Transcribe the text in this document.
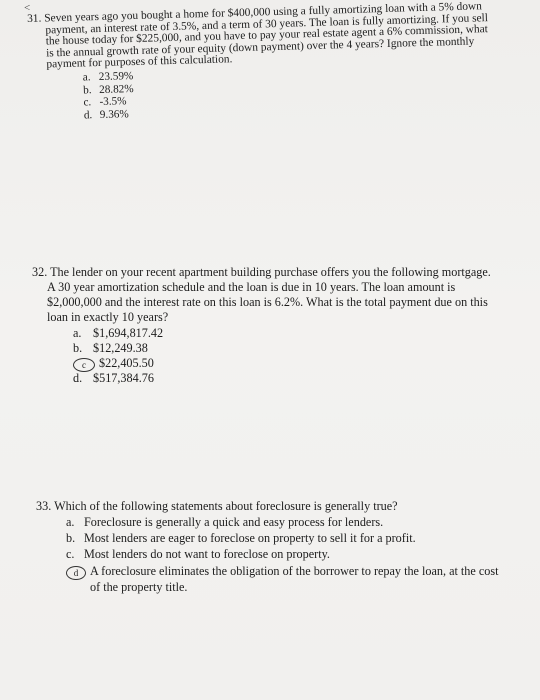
<
31. Seven years ago you bought a home for $400,000 using a fully amortizing loan with a 5% down payment, an interest rate of 3.5%, and a term of 30 years. The loan is fully amortizing. If you sell the house today for $225,000, and you have to pay your real estate agent a 6% commission, what is the annual growth rate of your equity (down payment) over the 4 years? Ignore the monthly payment for purposes of this calculation.
a. 23.59%
b. 28.82%
c. -3.5%
d. 9.36%
32. The lender on your recent apartment building purchase offers you the following mortgage. A 30 year amortization schedule and the loan is due in 10 years. The loan amount is $2,000,000 and the interest rate on this loan is 6.2%. What is the total payment due on this loan in exactly 10 years?
a. $1,694,817.42
b. $12,249.38
c	$22,405.50
d. $517,384.76
33. Which of the following statements about foreclosure is generally true?
a. Foreclosure is generally a quick and easy process for lenders.
b. Most lenders are eager to foreclose on property to sell it for a profit.
c. Most lenders do not want to foreclose on property.
d A foreclosure eliminates the obligation of the borrower to repay the loan, at the cost of the property title.
